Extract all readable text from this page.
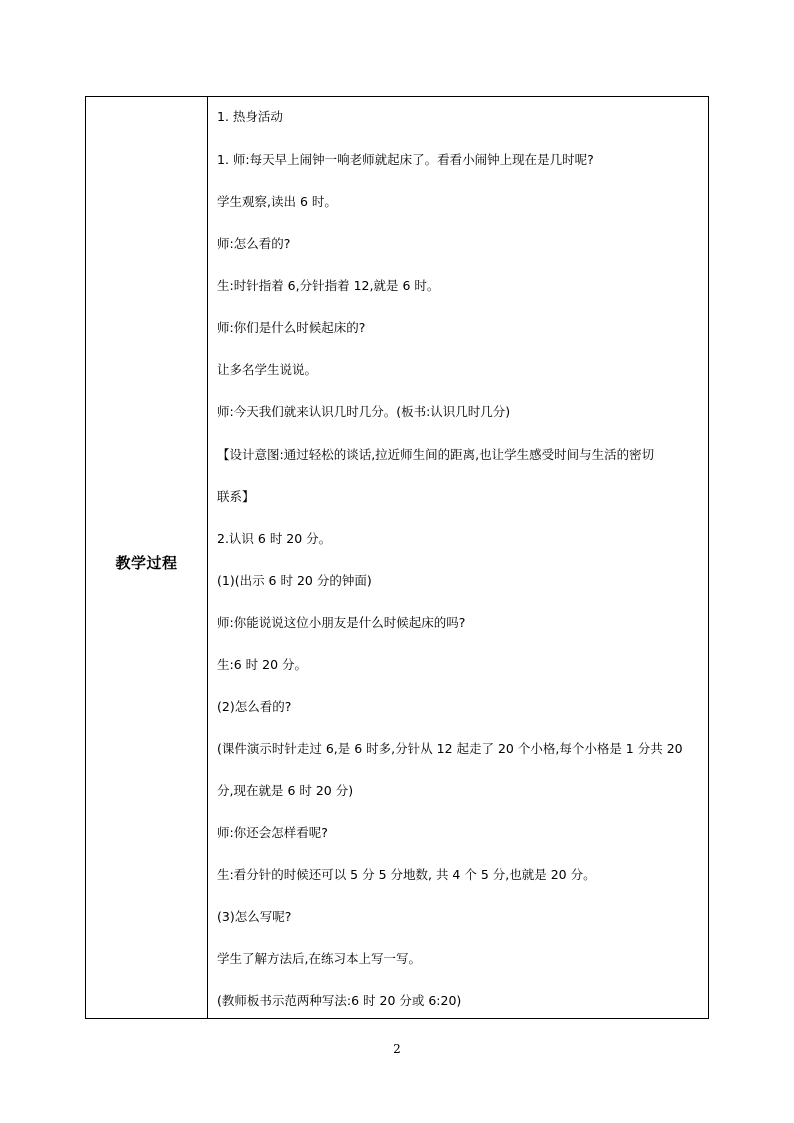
教学过程
1. 热身活动
1. 师:每天早上闹钟一响老师就起床了。看看小闹钟上现在是几时呢?
学生观察,读出 6 时。
师:怎么看的?
生:时针指着 6,分针指着 12,就是 6 时。
师:你们是什么时候起床的?
让多名学生说说。
师:今天我们就来认识几时几分。(板书:认识几时几分)
【设计意图:通过轻松的谈话,拉近师生间的距离,也让学生感受时间与生活的密切
联系】
2.认识 6 时 20 分。
(1)(出示 6 时 20 分的钟面)
师:你能说说这位小朋友是什么时候起床的吗?
生:6 时 20 分。
(2)怎么看的?
(课件演示时针走过 6,是 6 时多,分针从 12 起走了 20 个小格,每个小格是 1 分共 20
分,现在就是 6 时 20 分)
师:你还会怎样看呢?
生:看分针的时候还可以 5 分 5 分地数, 共 4 个 5 分,也就是 20 分。
(3)怎么写呢?
学生了解方法后,在练习本上写一写。
(教师板书示范两种写法:6 时 20 分或 6:20)
2
